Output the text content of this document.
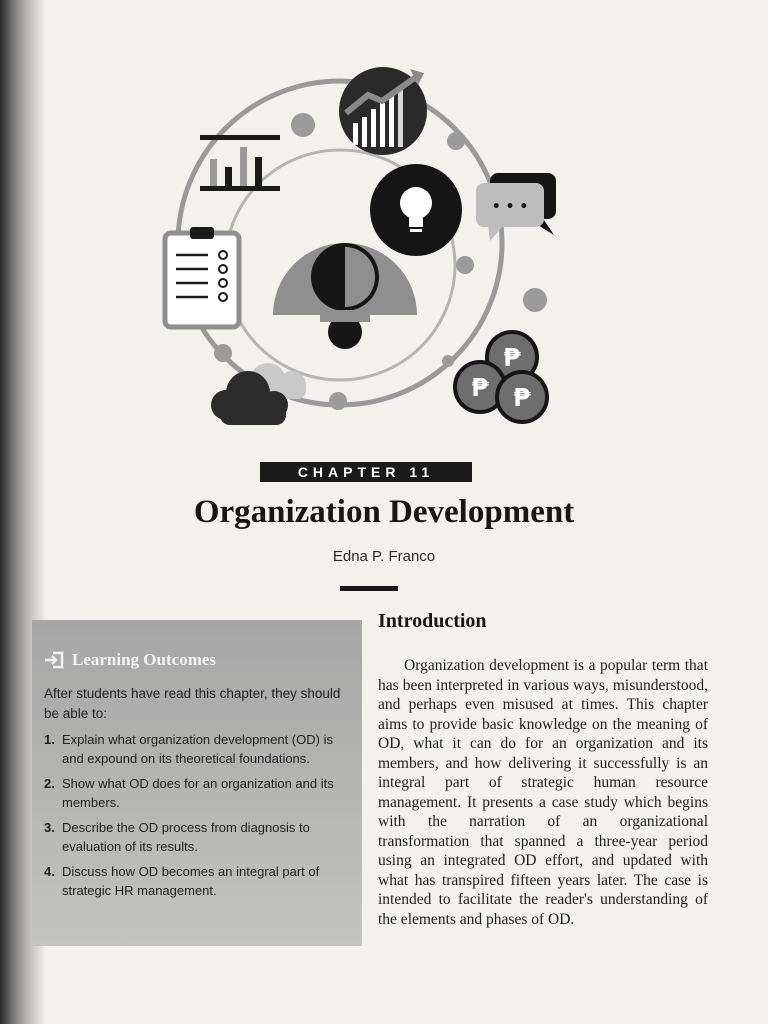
• • •
₱
₱ ₱
CHAPTER 11
Organization Development
Edna P. Franco
Learning Outcomes

After students have read this chapter, they should be able to:

1. Explain what organization development (OD) is and expound on its theoretical foundations.
2. Show what OD does for an organization and its members.
3. Describe the OD process from diagnosis to evaluation of its results.
4. Discuss how OD becomes an integral part of strategic HR management.
Introduction

Organization development is a popular term that has been interpreted in various ways, misunderstood, and perhaps even misused at times. This chapter aims to provide basic knowledge on the meaning of OD, what it can do for an organization and its members, and how delivering it successfully is an integral part of strategic human resource management. It presents a case study which begins with the narration of an organizational transformation that spanned a three-year period using an integrated OD effort, and updated with what has transpired fifteen years later. The case is intended to facilitate the reader's understanding of the elements and phases of OD.
